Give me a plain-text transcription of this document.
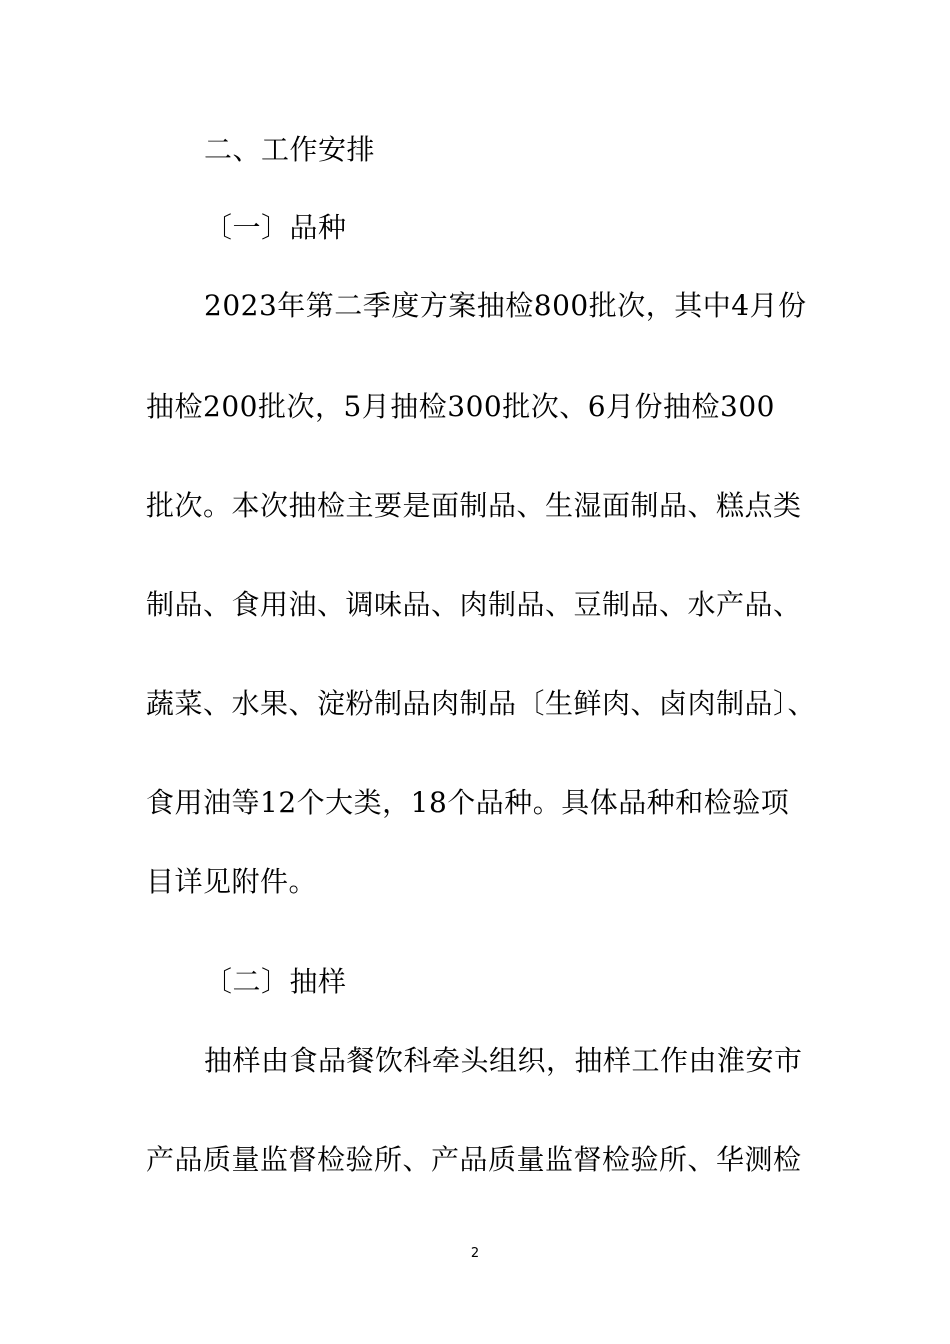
二、工作安排
〔一〕品种
2023年第二季度方案抽检800批次，其中4月份
抽检200批次，5月抽检300批次、6月份抽检300
批次。本次抽检主要是面制品、生湿面制品、糕点类
制品、食用油、调味品、肉制品、豆制品、水产品、
蔬菜、水果、淀粉制品肉制品〔生鲜肉、卤肉制品〕、
食用油等12个大类，18个品种。具体品种和检验项
目详见附件。
〔二〕抽样
抽样由食品餐饮科牵头组织，抽样工作由淮安市
产品质量监督检验所、产品质量监督检验所、华测检
2
